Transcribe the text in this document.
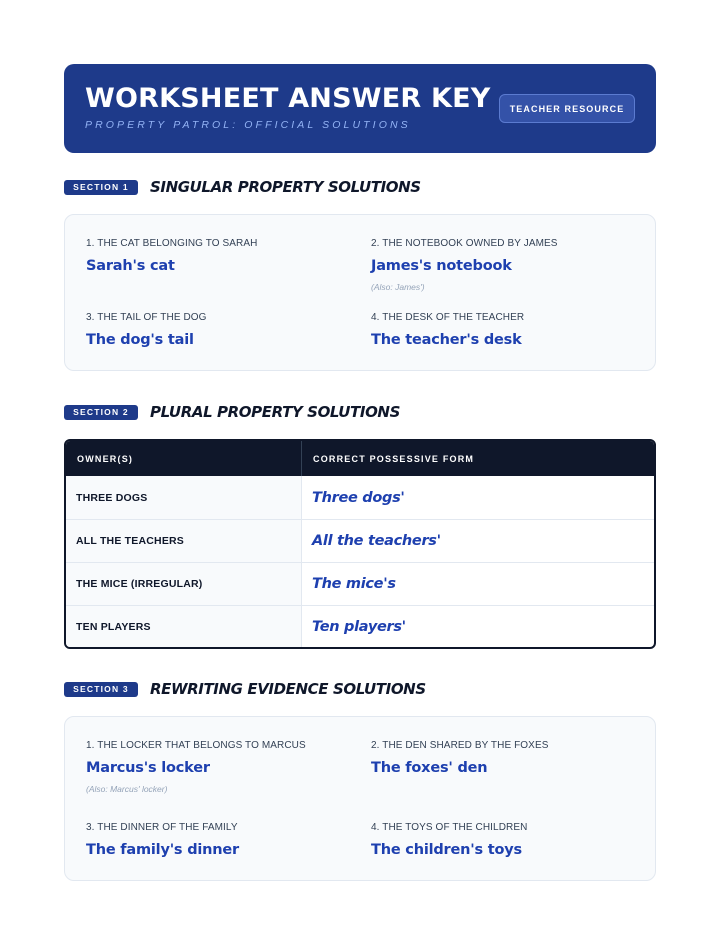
WORKSHEET ANSWER KEY
PROPERTY PATROL: OFFICIAL SOLUTIONS
TEACHER RESOURCE
SECTION 1	SINGULAR PROPERTY SOLUTIONS
1. THE CAT BELONGING TO SARAH
Sarah's cat
2. THE NOTEBOOK OWNED BY JAMES
James's notebook
(Also: James')
3. THE TAIL OF THE DOG
The dog's tail
4. THE DESK OF THE TEACHER
The teacher's desk
SECTION 2	PLURAL PROPERTY SOLUTIONS
OWNER(S)	CORRECT POSSESSIVE FORM
THREE DOGS	Three dogs'
ALL THE TEACHERS	All the teachers'
THE MICE (IRREGULAR)	The mice's
TEN PLAYERS	Ten players'
SECTION 3	REWRITING EVIDENCE SOLUTIONS
1. THE LOCKER THAT BELONGS TO MARCUS
Marcus's locker
(Also: Marcus' locker)
2. THE DEN SHARED BY THE FOXES
The foxes' den
3. THE DINNER OF THE FAMILY
The family's dinner
4. THE TOYS OF THE CHILDREN
The children's toys
